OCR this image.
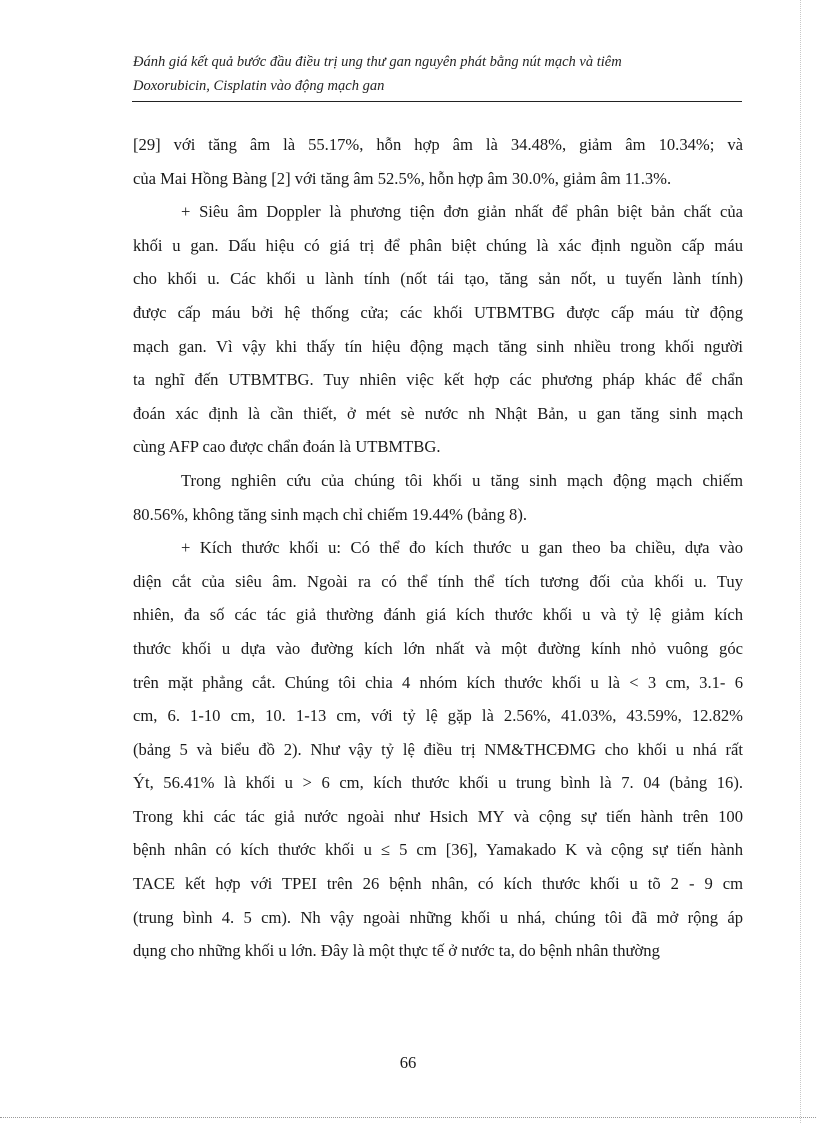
Đánh giá kết quả bước đầu điều trị ung thư gan nguyên phát bằng nút mạch và tiêm
Doxorubicin, Cisplatin vào động mạch gan
[29] với tăng âm là 55.17%, hỗn hợp âm là 34.48%, giảm âm 10.34%; và
của Mai Hồng Bàng [2] với tăng âm 52.5%, hỗn hợp âm 30.0%, giảm âm 11.3%.
+ Siêu âm Doppler là phương tiện đơn giản nhất để phân biệt bản chất của
khối u gan. Dấu hiệu có giá trị để phân biệt chúng là xác định nguồn cấp máu
cho khối u. Các khối u lành tính (nốt tái tạo, tăng sản nốt, u tuyến lành tính)
được cấp máu bởi hệ thống cửa; các khối UTBMTBG được cấp máu từ động
mạch gan. Vì vậy khi thấy tín hiệu động mạch tăng sinh nhiều trong khối người
ta nghĩ đến UTBMTBG. Tuy nhiên việc kết hợp các phương pháp khác để chẩn
đoán xác định là cần thiết, ở mét sè nước nh Nhật Bản, u gan tăng sinh mạch
cùng AFP cao được chẩn đoán là UTBMTBG.
Trong nghiên cứu của chúng tôi khối u tăng sinh mạch động mạch chiếm
80.56%, không tăng sinh mạch chỉ chiếm 19.44% (bảng 8).
+ Kích thước khối u: Có thể đo kích thước u gan theo ba chiều, dựa vào
diện cắt của siêu âm. Ngoài ra có thể tính thể tích tương đối của khối u. Tuy
nhiên, đa số các tác giả thường đánh giá kích thước khối u và tỷ lệ giảm kích
thước khối u dựa vào đường kích lớn nhất và một đường kính nhỏ vuông góc
trên mặt phẳng cắt. Chúng tôi chia 4 nhóm kích thước khối u là < 3 cm, 3.1- 6
cm, 6. 1-10 cm, 10. 1-13 cm, với tỷ lệ gặp là 2.56%, 41.03%, 43.59%, 12.82%
(bảng 5 và biểu đồ 2). Như vậy tỷ lệ điều trị NM&THCĐMG cho khối u nhá rất
Ýt, 56.41% là khối u > 6 cm, kích thước khối u trung bình là 7. 04 (bảng 16).
Trong khi các tác giả nước ngoài như Hsich MY và cộng sự tiến hành trên 100
bệnh nhân có kích thước khối u ≤ 5 cm [36], Yamakado K và cộng sự tiến hành
TACE kết hợp với TPEI trên 26 bệnh nhân, có kích thước khối u tõ 2 - 9 cm
(trung bình 4. 5 cm). Nh vậy ngoài những khối u nhá, chúng tôi đã mở rộng áp
dụng cho những khối u lớn. Đây là một thực tế ở nước ta, do bệnh nhân thường
66
